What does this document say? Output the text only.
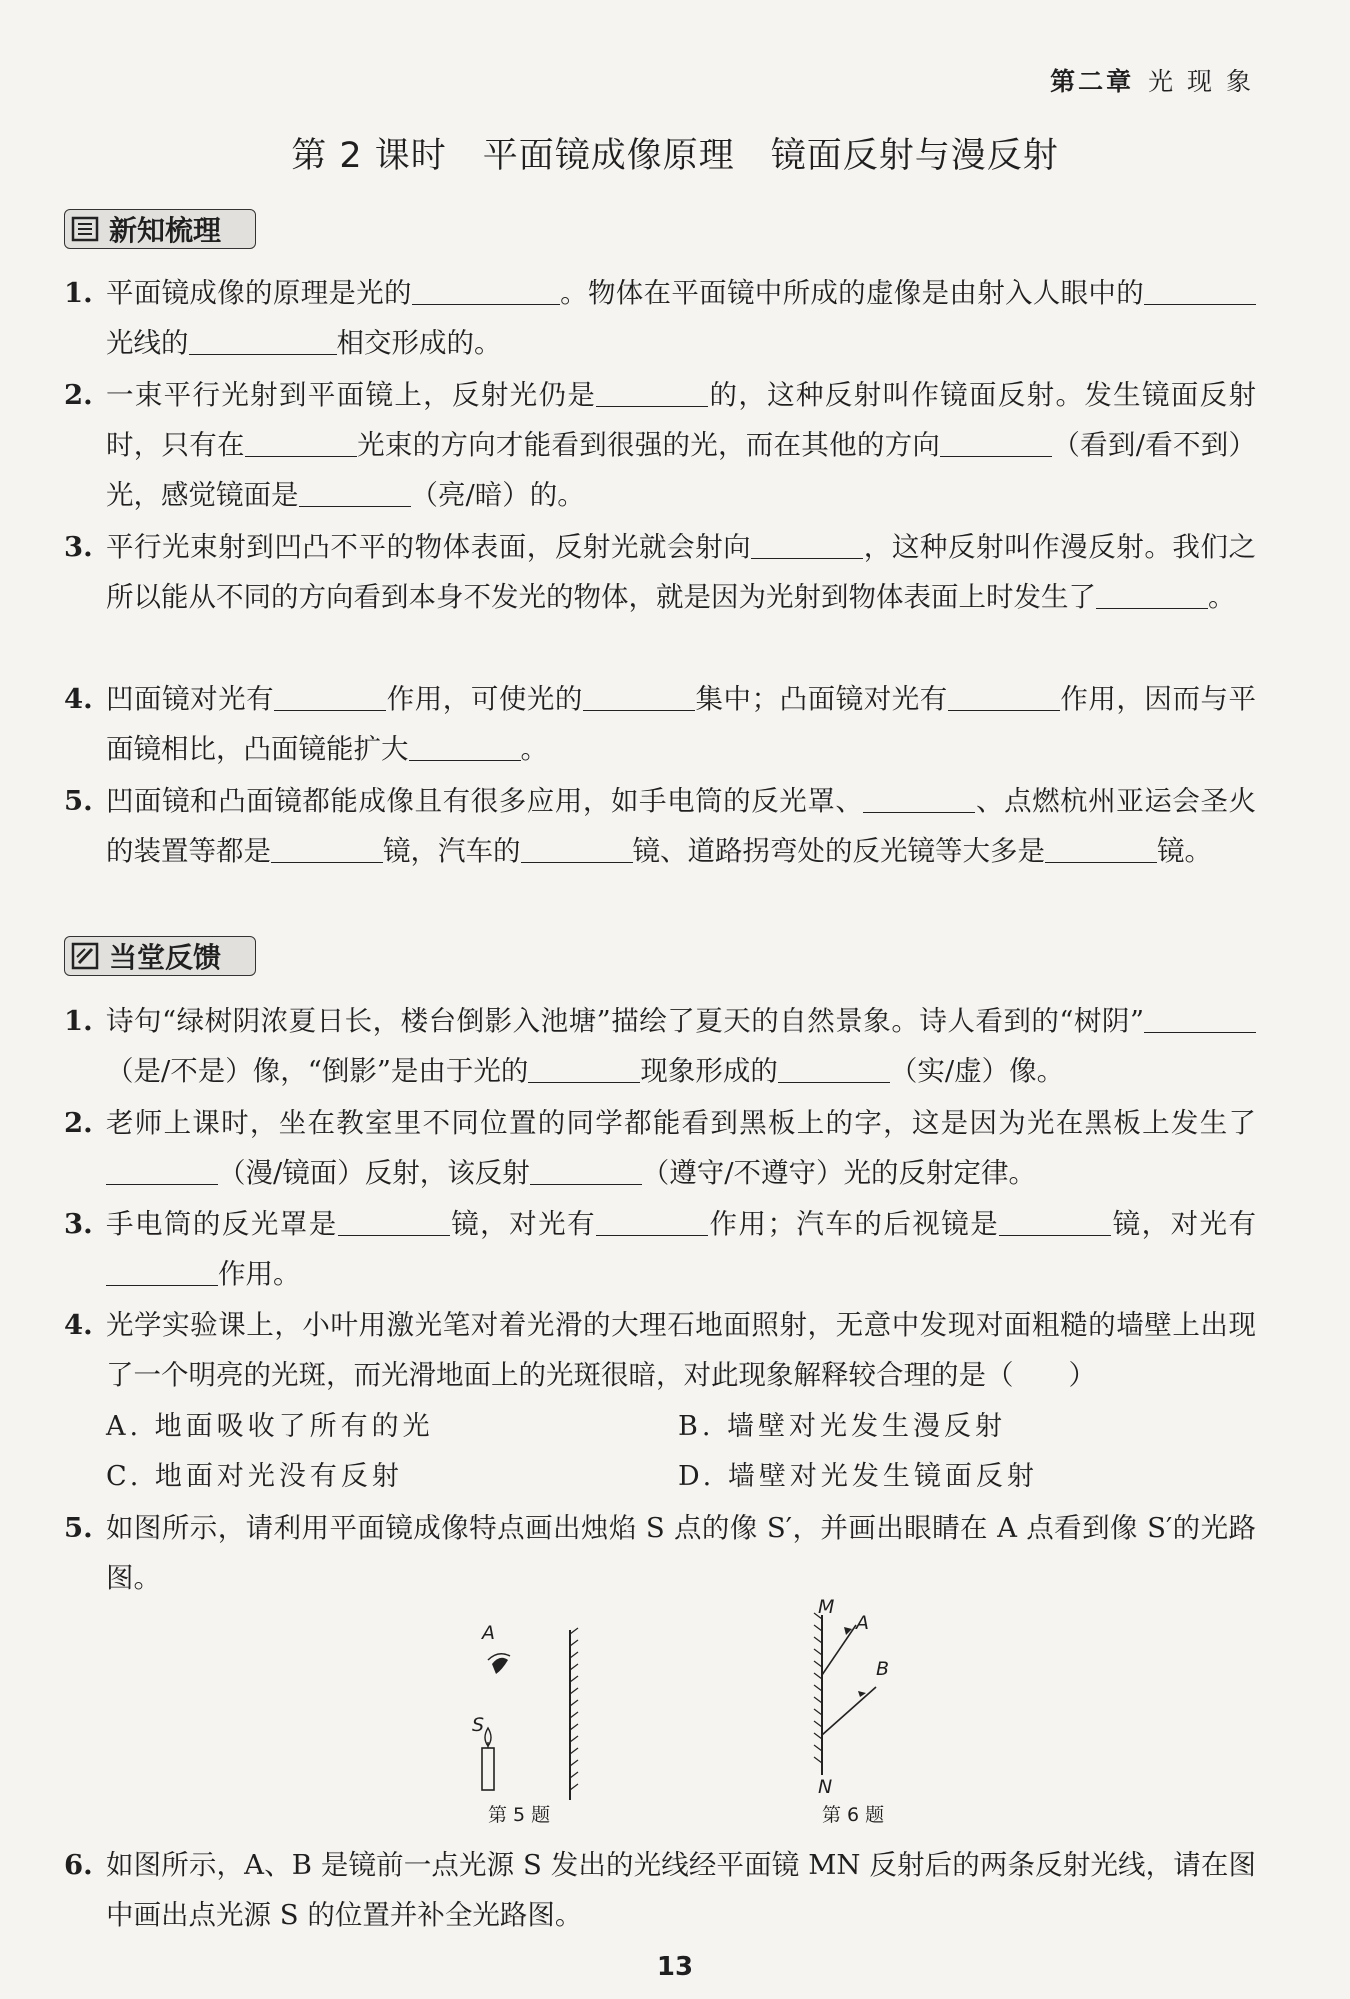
第二章 光 现 象
第 2 课时 平面镜成像原理 镜面反射与漫反射
新知梳理
1. 平面镜成像的原理是光的	。物体在平面镜中所成的虚像是由射入人眼中的光线的	相交形成的。
2. 一束平行光射到平面镜上，反射光仍是	的，这种反射叫作镜面反射。发生镜面反射时，只有在	光束的方向才能看到很强的光，而在其他的方向	（看到/看不到）光，感觉镜面是	（亮/暗）的。
3. 平行光束射到凹凸不平的物体表面，反射光就会射向	，这种反射叫作漫反射。我们之所以能从不同的方向看到本身不发光的物体，就是因为光射到物体表面上时发生了	。
4. 凹面镜对光有	作用，可使光的	集中；凸面镜对光有	作用，因而与平面镜相比，凸面镜能扩大	。
5. 凹面镜和凸面镜都能成像且有很多应用，如手电筒的反光罩、	、点燃杭州亚运会圣火的装置等都是	镜，汽车的	镜、道路拐弯处的反光镜等大多是	镜。
当堂反馈
1. 诗句“绿树阴浓夏日长，楼台倒影入池塘”描绘了夏天的自然景象。诗人看到的“树阴”（是/不是）像，“倒影”是由于光的	现象形成的	（实/虚）像。
2. 老师上课时，坐在教室里不同位置的同学都能看到黑板上的字，这是因为光在黑板上发生了（漫/镜面）反射，该反射	（遵守/不遵守）光的反射定律。
3. 手电筒的反光罩是	镜，对光有	作用；汽车的后视镜是	镜，对光有作用。
4. 光学实验课上，小叶用激光笔对着光滑的大理石地面照射，无意中发现对面粗糙的墙壁上出现了一个明亮的光斑，而光滑地面上的光斑很暗，对此现象解释较合理的是（　　）
A. 地面吸收了所有的光	B. 墙壁对光发生漫反射
C. 地面对光没有反射	D. 墙壁对光发生镜面反射
5. 如图所示，请利用平面镜成像特点画出烛焰 S 点的像 S′，并画出眼睛在 A 点看到像 S′的光路图。
A
S
第 5 题
M
A
B
N
第 6 题
6. 如图所示，A、B 是镜前一点光源 S 发出的光线经平面镜 MN 反射后的两条反射光线，请在图中画出点光源 S 的位置并补全光路图。
13
